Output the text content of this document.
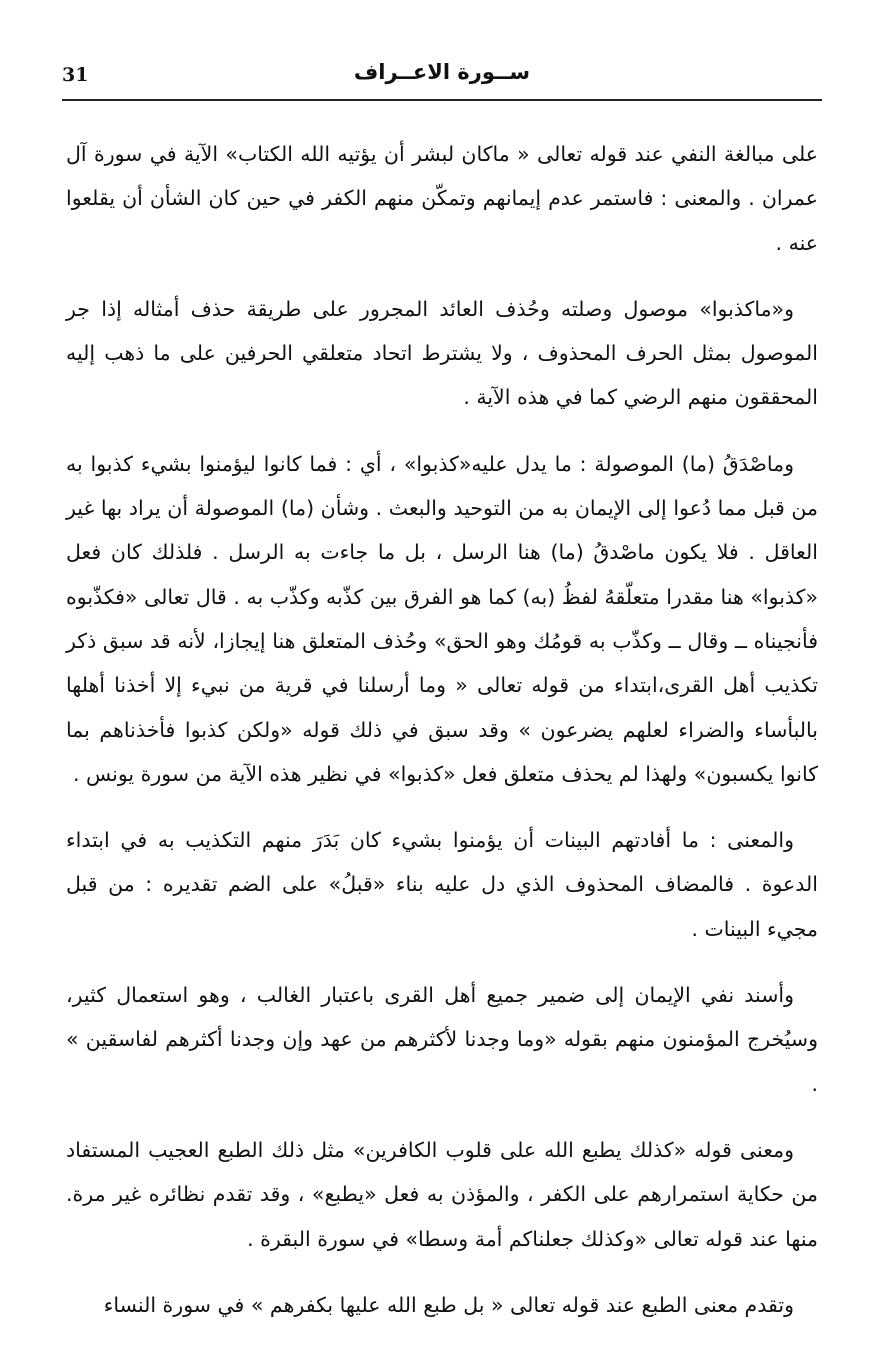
31	ســورة الاعــراف

على مبالغة النفي عند قوله تعالى « ماكان لبشر أن يؤتيه الله الكتاب» الآية في سورة آل عمران . والمعنى : فاستمر عدم إيمانهم وتمكّن منهم الكفر في حين كان الشأن أن يقلعوا عنه .

و«ماكذبوا» موصول وصلته وحُذف العائد المجرور على طريقة حذف أمثاله إذا جر الموصول بمثل الحرف المحذوف ، ولا يشترط اتحاد متعلقي الحرفين على ما ذهب إليه المحققون منهم الرضي كما في هذه الآية .

وماصْدَقُ (ما) الموصولة : ما يدل عليه«كذبوا» ، أي : فما كانوا ليؤمنوا بشيء كذبوا به من قبل مما دُعوا إلى الإيمان به من التوحيد والبعث . وشأن (ما) الموصولة أن يراد بها غير العاقل . فلا يكون ماصْدقُ (ما) هنا الرسل ، بل ما جاءت به الرسل . فلذلك كان فعل «كذبوا» هنا مقدرا متعلّقهُ لفظُ (به) كما هو الفرق بين كذّبه وكذّب به . قال تعالى «فكذّبوه فأنجيناه ــ وقال ــ وكذّب به قومُك وهو الحق» وحُذف المتعلق هنا إيجازا، لأنه قد سبق ذكر تكذيب أهل القرى،ابتداء من قوله تعالى « وما أرسلنا في قرية من نبيء إلا أخذنا أهلها بالبأساء والضراء لعلهم يضرعون » وقد سبق في ذلك قوله «ولكن كذبوا فأخذناهم بما كانوا يكسبون» ولهذا لم يحذف متعلق فعل «كذبوا» في نظير هذه الآية من سورة يونس .

والمعنى : ما أفادتهم البينات أن يؤمنوا بشيء كان بَدَرَ منهم التكذيب به في ابتداء الدعوة . فالمضاف المحذوف الذي دل عليه بناء «قبلُ» على الضم تقديره : من قبل مجيء البينات .

وأسند نفي الإيمان إلى ضمير جميع أهل القرى باعتبار الغالب ، وهو استعمال كثير، وسيُخرج المؤمنون منهم بقوله «وما وجدنا لأكثرهم من عهد وإن وجدنا أكثرهم لفاسقين » .

ومعنى قوله «كذلك يطبع الله على قلوب الكافرين» مثل ذلك الطبع العجيب المستفاد من حكاية استمرارهم على الكفر ، والمؤذن به فعل «يطبع» ، وقد تقدم نظائره غير مرة. منها عند قوله تعالى «وكذلك جعلناكم أمة وسطا» في سورة البقرة .

وتقدم معنى الطبع عند قوله تعالى « بل طبع الله عليها بكفرهم » في سورة النساء
